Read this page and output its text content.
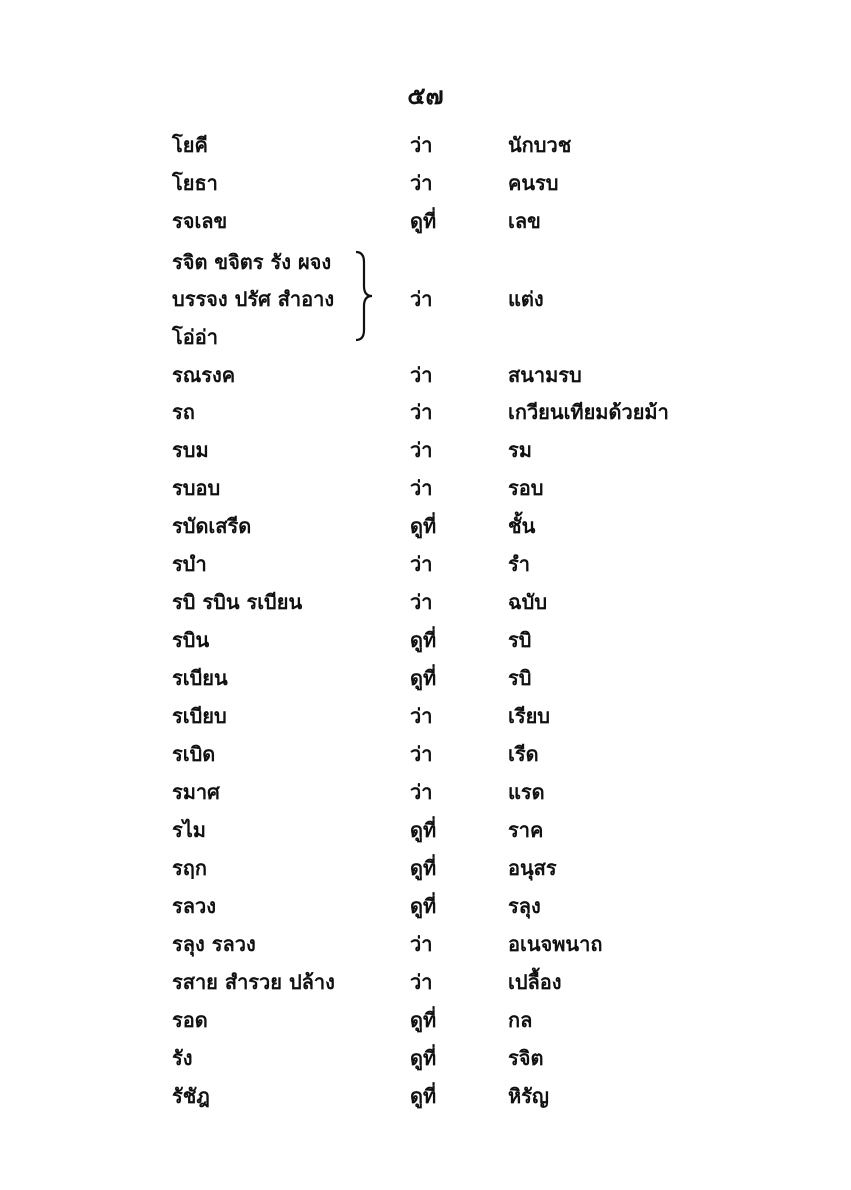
๕๗
โยคี	ว่า	นักบวช
โยธา	ว่า	คนรบ
รจเลข	ดูที่	เลข
รจิต ขจิตร รัง ผจง
บรรจง ปรัศ สำอาง	ว่า	แต่ง
โอ่อ่า
รณรงค	ว่า	สนามรบ
รถ	ว่า	เกวียนเทียมด้วยม้า
รบม	ว่า	รม
รบอบ	ว่า	รอบ
รบัดเสรีด	ดูที่	ชั้น
รบำ	ว่า	รำ
รบิ รบิน รเบียน	ว่า	ฉบับ
รบิน	ดูที่	รบิ
รเบียน	ดูที่	รบิ
รเบียบ	ว่า	เรียบ
รเบิด	ว่า	เรีด
รมาศ	ว่า	แรด
รไม	ดูที่	ราค
รฤก	ดูที่	อนุสร
รลวง	ดูที่	รลุง
รลุง รลวง	ว่า	อเนจพนาถ
รสาย สำรวย ปล้าง	ว่า	เปลื้อง
รอด	ดูที่	กล
รัง	ดูที่	รจิต
รัชัฎ	ดูที่	หิรัญ
